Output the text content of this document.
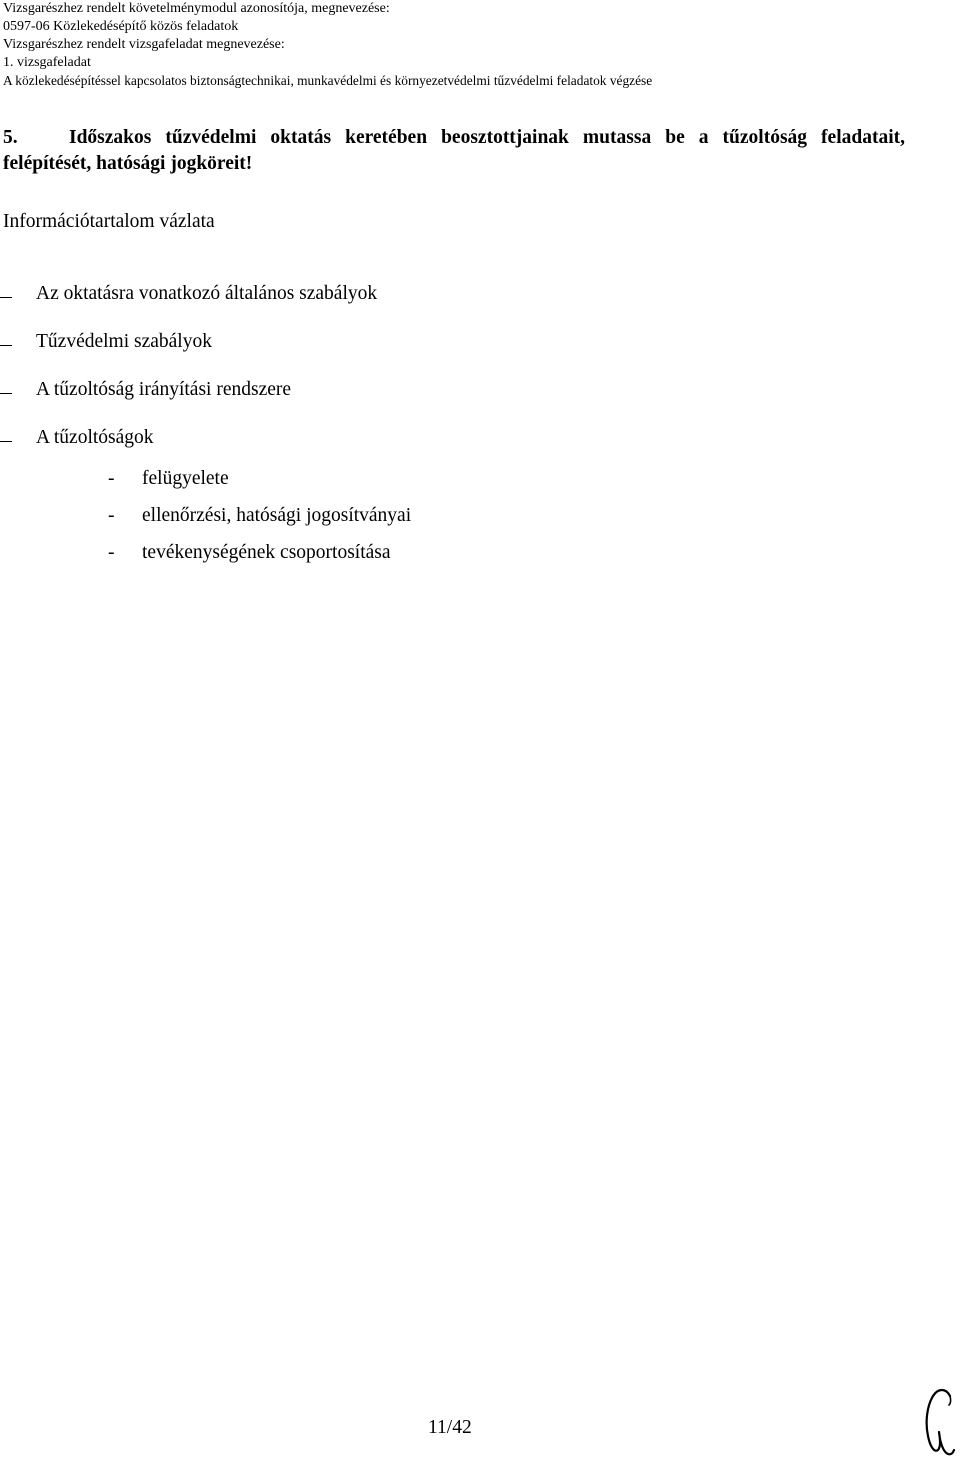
Vizsgarészhez rendelt követelménymodul azonosítója, megnevezése:
0597-06 Közlekedésépítő közös feladatok
Vizsgarészhez rendelt vizsgafeladat megnevezése:
1. vizsgafeladat
A közlekedésépítéssel kapcsolatos biztonságtechnikai, munkavédelmi és környezetvédelmi tűzvédelmi feladatok végzése
5.	Időszakos tűzvédelmi oktatás keretében beosztottjainak mutassa be a tűzoltóság feladatait, felépítését, hatósági jogköreit!
Információtartalom vázlata
Az oktatásra vonatkozó általános szabályok
Tűzvédelmi szabályok
A tűzoltóság irányítási rendszere
A tűzoltóságok
- felügyelete
- ellenőrzési, hatósági jogosítványai
- tevékenységének csoportosítása
11/42
